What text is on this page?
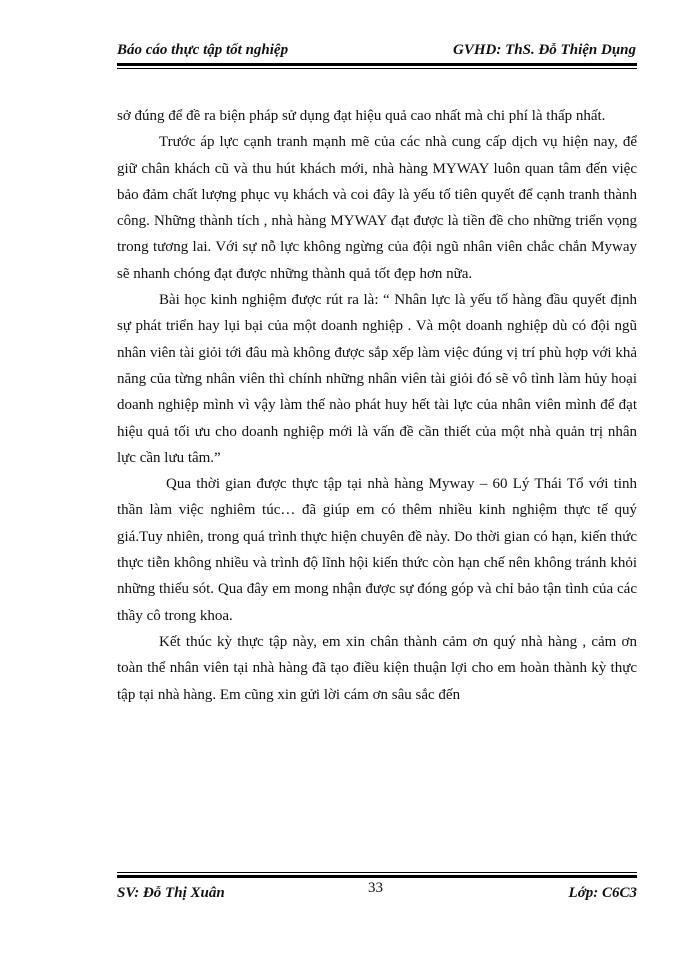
Báo cáo thực tập tốt nghiệp	GVHD: ThS. Đỗ Thiện Dụng

sở đúng để đề ra biện pháp sử dụng đạt hiệu quả cao nhất mà chi phí là thấp nhất.

Trước áp lực cạnh tranh mạnh mẽ của các nhà cung cấp dịch vụ hiện nay, để giữ chân khách cũ và thu hút khách mới, nhà hàng MYWAY luôn quan tâm đến việc bảo đảm chất lượng phục vụ khách và coi đây là yếu tố tiên quyết để cạnh tranh thành công. Những thành tích , nhà hàng MYWAY đạt được là tiền đề cho những triển vọng trong tương lai. Với sự nỗ lực không ngừng của đội ngũ nhân viên chắc chắn Myway sẽ nhanh chóng đạt được những thành quả tốt đẹp hơn nữa.

Bài học kinh nghiệm được rút ra là: “ Nhân lực là yếu tố hàng đầu quyết định sự phát triển hay lụi bại của một doanh nghiệp . Và một doanh nghiệp dù có đội ngũ nhân viên tài giỏi tới đâu mà không được sắp xếp làm việc đúng vị trí phù hợp với khả năng của từng nhân viên thì chính những nhân viên tài giỏi đó sẽ vô tình làm hủy hoại doanh nghiệp mình vì vậy làm thế nào phát huy hết tài lực của nhân viên mình để đạt hiệu quả tối ưu cho doanh nghiệp mới là vấn đề cần thiết của một nhà quản trị nhân lực cần lưu tâm.”

Qua thời gian được thực tập tại nhà hàng Myway – 60 Lý Thái Tổ với tinh thần làm việc nghiêm túc… đã giúp em có thêm nhiều kinh nghiệm thực tế quý giá.Tuy nhiên, trong quá trình thực hiện chuyên đề này. Do thời gian có hạn, kiến thức thực tiễn không nhiều và trình độ lĩnh hội kiến thức còn hạn chế nên không tránh khỏi những thiếu sót. Qua đây em mong nhận được sự đóng góp và chỉ bảo tận tình của các thầy cô trong khoa.

Kết thúc kỳ thực tập này, em xin chân thành cảm ơn quý nhà hàng , cảm ơn toàn thể nhân viên tại nhà hàng đã tạo điều kiện thuận lợi cho em hoàn thành kỳ thực tập tại nhà hàng. Em cũng xin gửi lời cám ơn sâu sắc đến

SV: Đỗ Thị Xuân	33	Lớp: C6C3
